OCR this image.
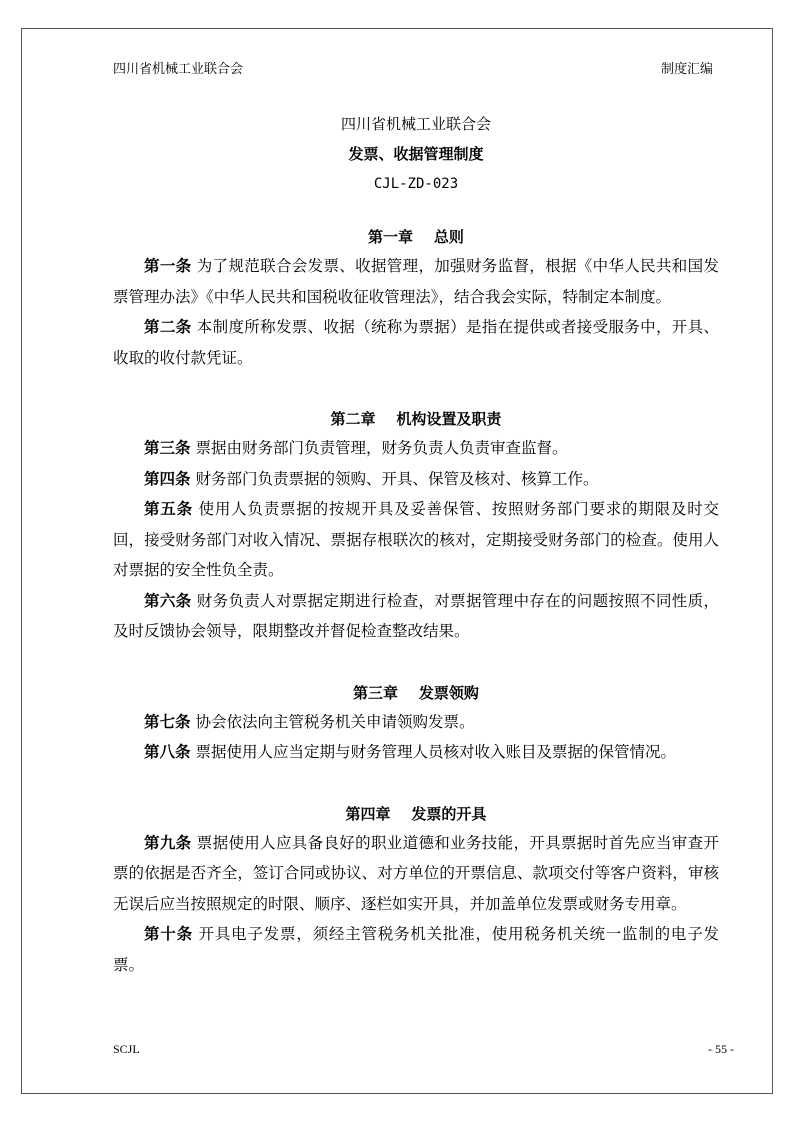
四川省机械工业联合会	制度汇编

四川省机械工业联合会

发票、收据管理制度

CJL-ZD-023

第一章    总则

第一条 为了规范联合会发票、收据管理，加强财务监督，根据《中华人民共和国发票管理办法》《中华人民共和国税收征收管理法》，结合我会实际，特制定本制度。

第二条 本制度所称发票、收据（统称为票据）是指在提供或者接受服务中，开具、收取的收付款凭证。

第二章    机构设置及职责

第三条 票据由财务部门负责管理，财务负责人负责审查监督。

第四条 财务部门负责票据的领购、开具、保管及核对、核算工作。

第五条 使用人负责票据的按规开具及妥善保管、按照财务部门要求的期限及时交回，接受财务部门对收入情况、票据存根联次的核对，定期接受财务部门的检查。使用人对票据的安全性负全责。

第六条 财务负责人对票据定期进行检查，对票据管理中存在的问题按照不同性质，及时反馈协会领导，限期整改并督促检查整改结果。

第三章    发票领购

第七条 协会依法向主管税务机关申请领购发票。

第八条 票据使用人应当定期与财务管理人员核对收入账目及票据的保管情况。

第四章    发票的开具

第九条 票据使用人应具备良好的职业道德和业务技能，开具票据时首先应当审查开票的依据是否齐全，签订合同或协议、对方单位的开票信息、款项交付等客户资料，审核无误后应当按照规定的时限、顺序、逐栏如实开具，并加盖单位发票或财务专用章。

第十条 开具电子发票，须经主管税务机关批准，使用税务机关统一监制的电子发票。

SCJL	- 55 -
